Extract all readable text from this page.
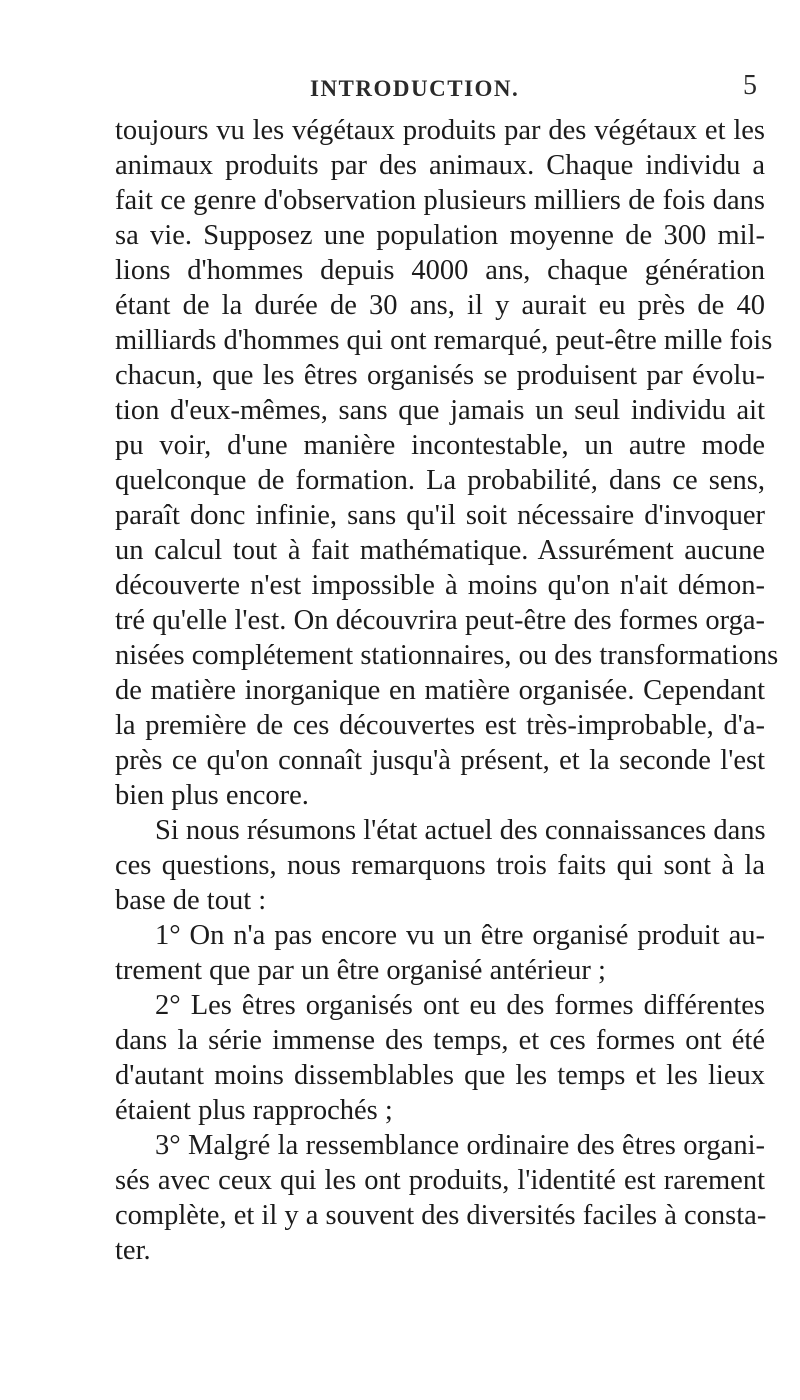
INTRODUCTION.	5
toujours vu les végétaux produits par des végétaux et les
animaux produits par des animaux. Chaque individu a
fait ce genre d'observation plusieurs milliers de fois dans
sa vie. Supposez une population moyenne de 300 mil-
lions d'hommes depuis 4000 ans, chaque génération
étant de la durée de 30 ans, il y aurait eu près de 40
milliards d'hommes qui ont remarqué, peut-être mille fois
chacun, que les êtres organisés se produisent par évolu-
tion d'eux-mêmes, sans que jamais un seul individu ait
pu voir, d'une manière incontestable, un autre mode
quelconque de formation. La probabilité, dans ce sens,
paraît donc infinie, sans qu'il soit nécessaire d'invoquer
un calcul tout à fait mathématique. Assurément aucune
découverte n'est impossible à moins qu'on n'ait démon-
tré qu'elle l'est. On découvrira peut-être des formes orga-
nisées complétement stationnaires, ou des transformations
de matière inorganique en matière organisée. Cependant
la première de ces découvertes est très-improbable, d'a-
près ce qu'on connaît jusqu'à présent, et la seconde l'est
bien plus encore.
Si nous résumons l'état actuel des connaissances dans
ces questions, nous remarquons trois faits qui sont à la
base de tout :
1° On n'a pas encore vu un être organisé produit au-
trement que par un être organisé antérieur ;
2° Les êtres organisés ont eu des formes différentes
dans la série immense des temps, et ces formes ont été
d'autant moins dissemblables que les temps et les lieux
étaient plus rapprochés ;
3° Malgré la ressemblance ordinaire des êtres organi-
sés avec ceux qui les ont produits, l'identité est rarement
complète, et il y a souvent des diversités faciles à consta-
ter.
